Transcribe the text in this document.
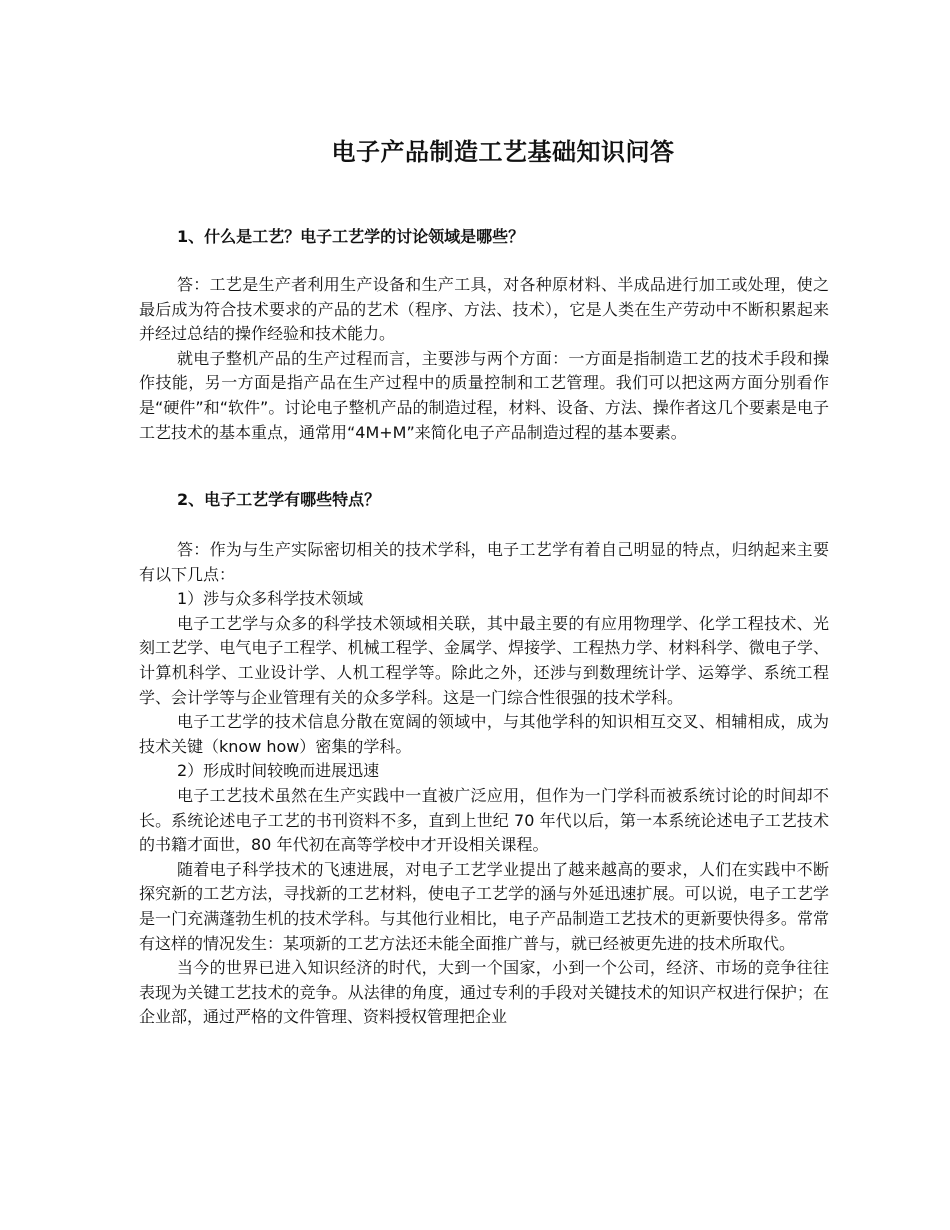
电子产品制造工艺基础知识问答
1、什么是工艺？电子工艺学的讨论领域是哪些？

答：工艺是生产者利用生产设备和生产工具，对各种原材料、半成品进行加工或处理，使之最后成为符合技术要求的产品的艺术（程序、方法、技术），它是人类在生产劳动中不断积累起来并经过总结的操作经验和技术能力。

就电子整机产品的生产过程而言，主要涉与两个方面：一方面是指制造工艺的技术手段和操作技能，另一方面是指产品在生产过程中的质量控制和工艺管理。我们可以把这两方面分别看作是“硬件”和“软件”。讨论电子整机产品的制造过程，材料、设备、方法、操作者这几个要素是电子工艺技术的基本重点，通常用“4M+M”来简化电子产品制造过程的基本要素。

2、电子工艺学有哪些特点？

答：作为与生产实际密切相关的技术学科，电子工艺学有着自己明显的特点，归纳起来主要有以下几点：

1）涉与众多科学技术领域

电子工艺学与众多的科学技术领域相关联，其中最主要的有应用物理学、化学工程技术、光刻工艺学、电气电子工程学、机械工程学、金属学、焊接学、工程热力学、材料科学、微电子学、计算机科学、工业设计学、人机工程学等。除此之外，还涉与到数理统计学、运筹学、系统工程学、会计学等与企业管理有关的众多学科。这是一门综合性很强的技术学科。

电子工艺学的技术信息分散在宽阔的领域中，与其他学科的知识相互交叉、相辅相成，成为技术关键（know how）密集的学科。

2）形成时间较晚而进展迅速

电子工艺技术虽然在生产实践中一直被广泛应用，但作为一门学科而被系统讨论的时间却不长。系统论述电子工艺的书刊资料不多，直到上世纪 70 年代以后，第一本系统论述电子工艺技术的书籍才面世，80 年代初在高等学校中才开设相关课程。

随着电子科学技术的飞速进展，对电子工艺学业提出了越来越高的要求，人们在实践中不断探究新的工艺方法，寻找新的工艺材料，使电子工艺学的涵与外延迅速扩展。可以说，电子工艺学是一门充满蓬勃生机的技术学科。与其他行业相比，电子产品制造工艺技术的更新要快得多。常常有这样的情况发生：某项新的工艺方法还未能全面推广普与，就已经被更先进的技术所取代。

当今的世界已进入知识经济的时代，大到一个国家，小到一个公司，经济、市场的竞争往往表现为关键工艺技术的竞争。从法律的角度，通过专利的手段对关键技术的知识产权进行保护；在企业部，通过严格的文件管理、资料授权管理把企业
